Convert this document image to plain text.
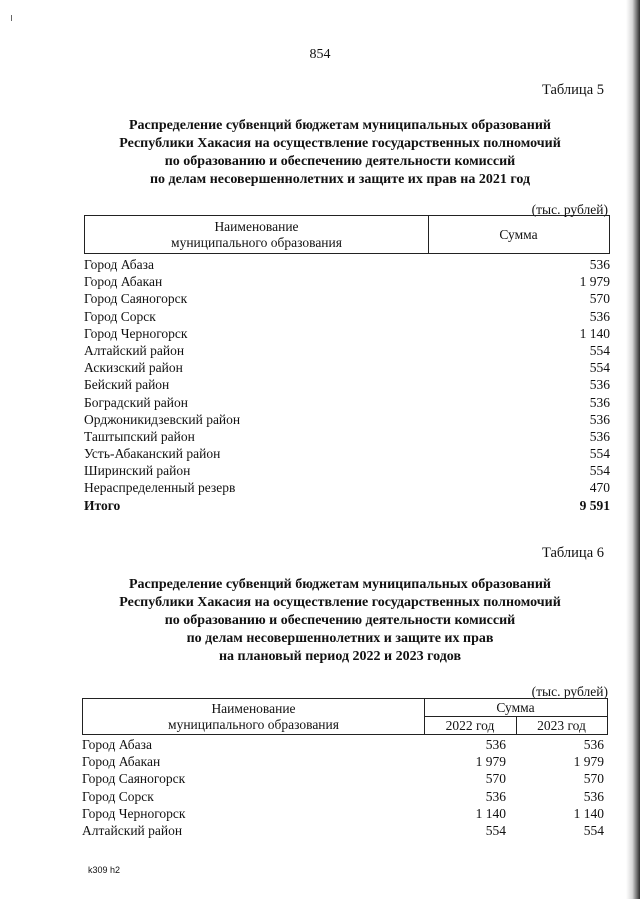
854
Таблица 5
Распределение субвенций бюджетам муниципальных образований
Республики Хакасия на осуществление государственных полномочий
по образованию и обеспечению деятельности комиссий
по делам несовершеннолетних и защите их прав на 2021 год
(тыс. рублей)
Наименование
муниципального образования
Сумма
Город Абаза	536
Город Абакан	1 979
Город Саяногорск	570
Город Сорск	536
Город Черногорск	1 140
Алтайский район	554
Аскизский район	554
Бейский район	536
Боградский район	536
Орджоникидзевский район	536
Таштыпский район	536
Усть-Абаканский район	554
Ширинский район	554
Нераспределенный резерв	470
Итого	9 591
Таблица 6
Распределение субвенций бюджетам муниципальных образований
Республики Хакасия на осуществление государственных полномочий
по образованию и обеспечению деятельности комиссий
по делам несовершеннолетних и защите их прав
на плановый период 2022 и 2023 годов
(тыс. рублей)
Наименование
муниципального образования
Сумма
2022 год	2023 год
Город Абаза	536	536
Город Абакан	1 979	1 979
Город Саяногорск	570	570
Город Сорск	536	536
Город Черногорск	1 140	1 140
Алтайский район	554	554
k309 h2
